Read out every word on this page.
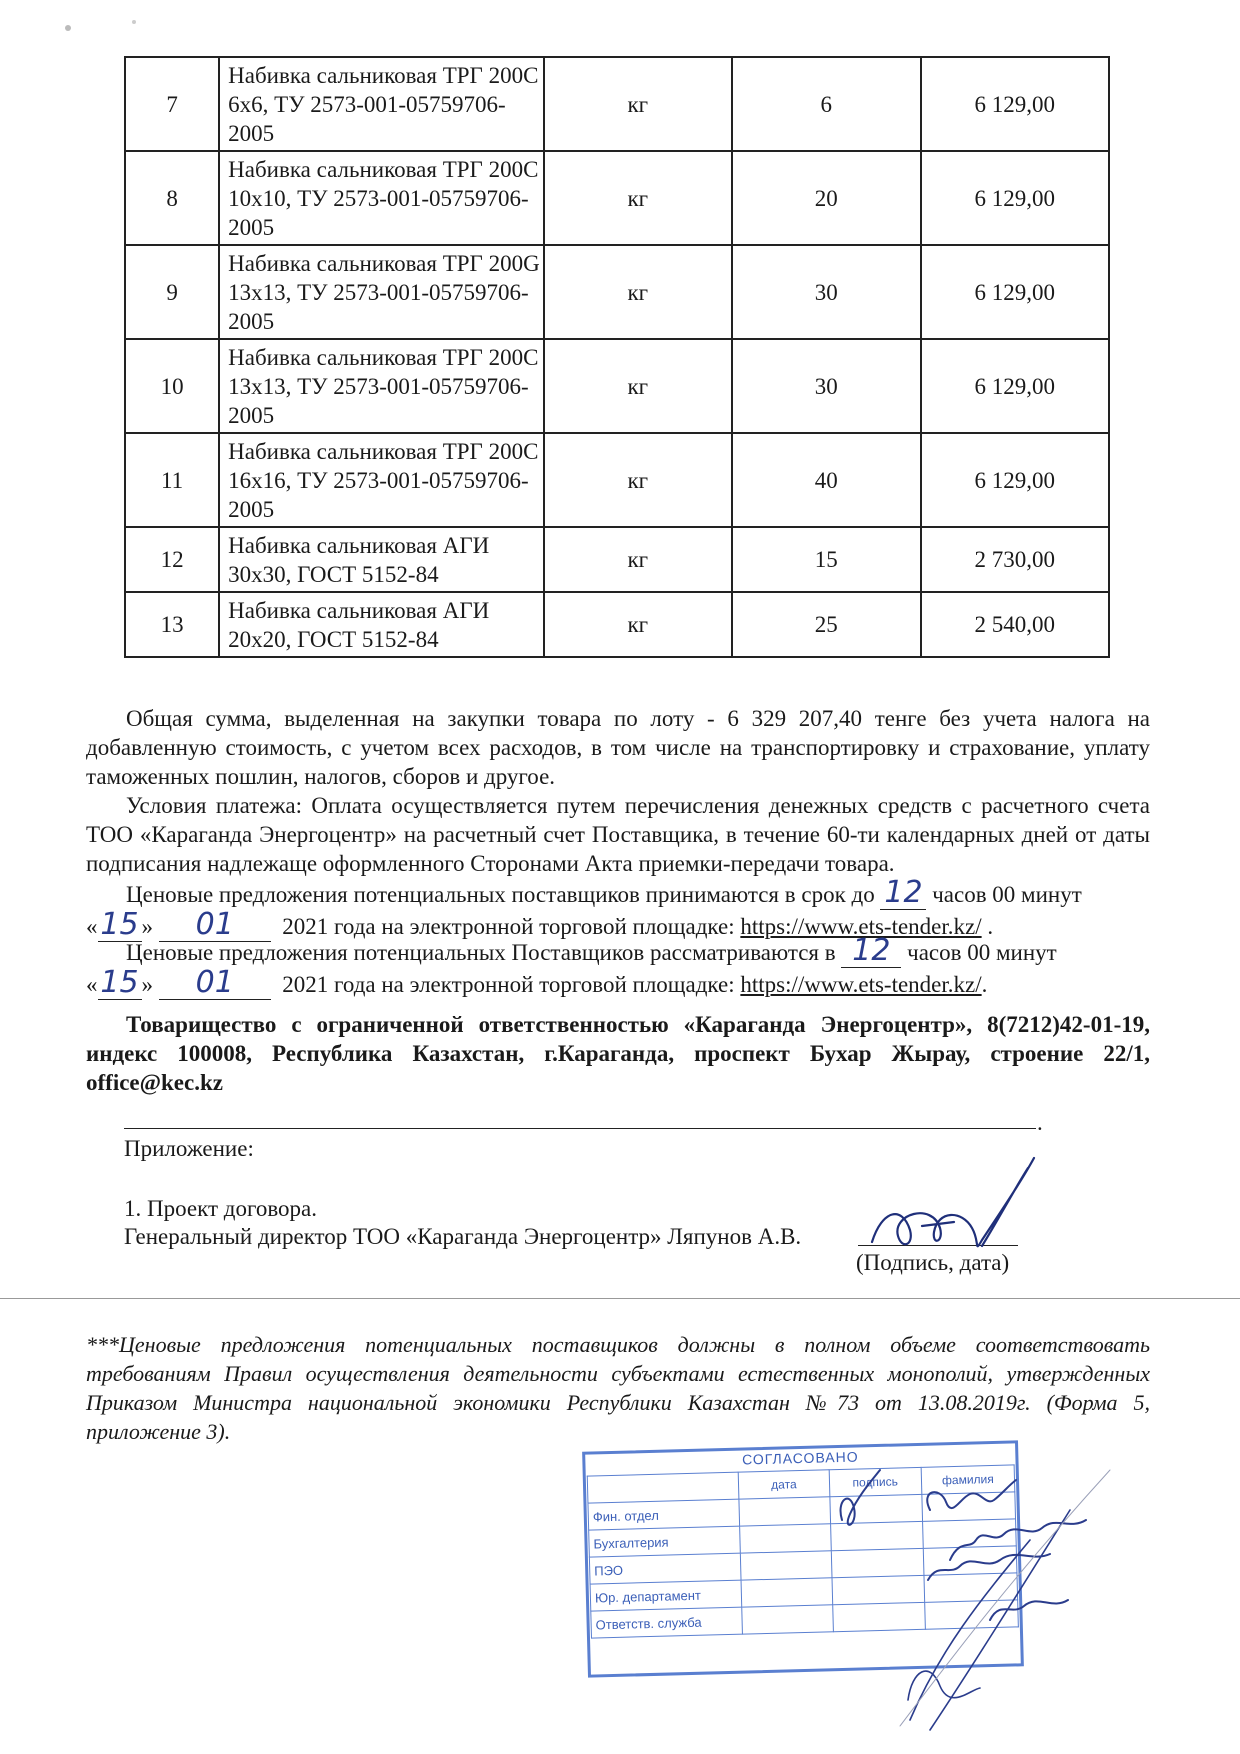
7	Набивка сальниковая ТРГ 200С 6х6, ТУ 2573-001-05759706-2005	кг	6	6 129,00
8	Набивка сальниковая ТРГ 200С 10х10, ТУ 2573-001-05759706-2005	кг	20	6 129,00
9	Набивка сальниковая ТРГ 200G 13x13, ТУ 2573-001-05759706-2005	кг	30	6 129,00
10	Набивка сальниковая ТРГ 200С 13x13, ТУ 2573-001-05759706-2005	кг	30	6 129,00
11	Набивка сальниковая ТРГ 200С 16x16, ТУ 2573-001-05759706-2005	кг	40	6 129,00
12	Набивка сальниковая АГИ 30х30, ГОСТ 5152-84	кг	15	2 730,00
13	Набивка сальниковая АГИ 20х20, ГОСТ 5152-84	кг	25	2 540,00

Общая сумма, выделенная на закупки товара по лоту - 6 329 207,40 тенге без учета налога на добавленную стоимость, с учетом всех расходов, в том числе на транспортировку и страхование, уплату таможенных пошлин, налогов, сборов и другое.

Условия платежа: Оплата осуществляется путем перечисления денежных средств с расчетного счета ТОО «Караганда Энергоцентр» на расчетный счет Поставщика, в течение 60-ти календарных дней от даты подписания надлежаще оформленного Сторонами Акта приемки-передачи товара.

Ценовые предложения потенциальных поставщиков принимаются в срок до 12 часов 00 минут
«15 » 01 2021 года на электронной торговой площадке: https://www.ets-tender.kz/ .

Ценовые предложения потенциальных Поставщиков рассматриваются в 12 часов 00 минут
«15 » 01 2021 года на электронной торговой площадке: https://www.ets-tender.kz/.

Товарищество с ограниченной ответственностью «Караганда Энергоцентр», 8(7212)42-01-19, индекс 100008, Республика Казахстан, г.Караганда, проспект Бухар Жырау, строение 22/1, office@kec.kz

.
Приложение:
1. Проект договора.
Генеральный директор ТОО «Караганда Энергоцентр» Ляпунов А.В.
(Подпись, дата)

***Ценовые предложения потенциальных поставщиков должны в полном объеме соответствовать требованиям Правил осуществления деятельности субъектами естественных монополий, утвержденных Приказом Министра национальной экономики Республики Казахстан №73 от 13.08.2019г. (Форма 5, приложение 3).

СОГЛАСОВАНО
	дата	подпись	фамилия
Фин. отдел			
Бухгалтерия			
ПЭО			
Юр. департамент			
Ответств. служба			
